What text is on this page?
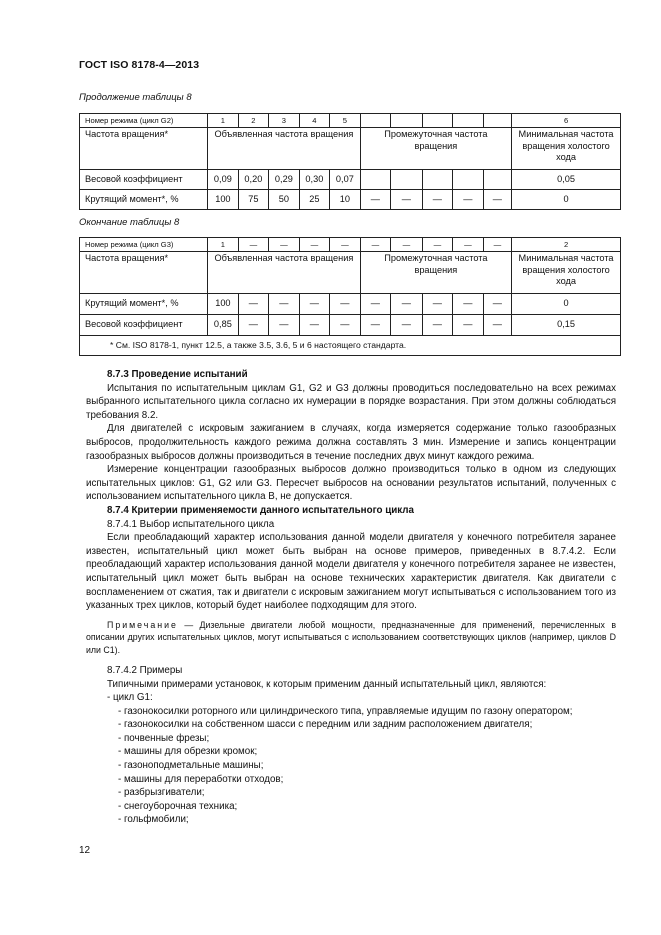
ГОСТ ISO 8178-4—2013
Продолжение таблицы 8
Номер режима (цикл G2)	1	2	3	4	5						6
Частота вращения*	Объявленная частота вращения					Промежуточная частота вращения					Минимальная частота вращения холостого хода
Весовой коэффициент	0,09	0,20	0,29	0,30	0,07						0,05
Крутящий момент*, %	100	75	50	25	10	—	—	—	—	—	0
Окончание таблицы 8
Номер режима (цикл G3)	1	—	—	—	—	—	—	—	—	—	2
Частота вращения*	Объявленная частота вращения					Промежуточная частота вращения					Минимальная частота вращения холостого хода
Крутящий момент*, %	100	—	—	—	—	—	—	—	—	—	0
Весовой коэффициент	0,85	—	—	—	—	—	—	—	—	—	0,15
* См. ISO 8178-1, пункт 12.5, а также 3.5, 3.6, 5 и 6 настоящего стандарта.											

8.7.3 Проведение испытаний

Испытания по испытательным циклам G1, G2 и G3 должны проводиться последовательно на всех режимах выбранного испытательного цикла согласно их нумерации в порядке возрастания. При этом должны соблюдаться требования 8.2.

Для двигателей с искровым зажиганием в случаях, когда измеряется содержание только газообразных выбросов, продолжительность каждого режима должна составлять 3 мин. Измерение и запись концентрации газообразных выбросов должны производиться в течение последних двух минут каждого режима.

Измерение концентрации газообразных выбросов должно производиться только в одном из следующих испытательных циклов: G1, G2 или G3. Пересчет выбросов на основании результатов испытаний, полученных с использованием испытательного цикла В, не допускается.

8.7.4 Критерии применяемости данного испытательного цикла

8.7.4.1 Выбор испытательного цикла

Если преобладающий характер использования данной модели двигателя у конечного потребителя заранее известен, испытательный цикл может быть выбран на основе примеров, приведенных в 8.7.4.2. Если преобладающий характер использования данной модели двигателя у конечного потребителя заранее не известен, испытательный цикл может быть выбран на основе технических характеристик двигателя. Как двигатели с воспламенением от сжатия, так и двигатели с искровым зажиганием могут испытываться с использованием того из указанных трех циклов, который будет наиболее подходящим для этого.

Примечание — Дизельные двигатели любой мощности, предназначенные для применений, перечисленных в описании других испытательных циклов, могут испытываться с использованием соответствующих циклов (например, циклов D или C1).

8.7.4.2 Примеры

Типичными примерами установок, к которым применим данный испытательный цикл, являются:

- цикл G1:
- газонокосилки роторного или цилиндрического типа, управляемые идущим по газону оператором;
- газонокосилки на собственном шасси с передним или задним расположением двигателя;
- почвенные фрезы;
- машины для обрезки кромок;
- газоноподметальные машины;
- машины для переработки отходов;
- разбрызгиватели;
- снегоуборочная техника;
- гольфмобили;
12
